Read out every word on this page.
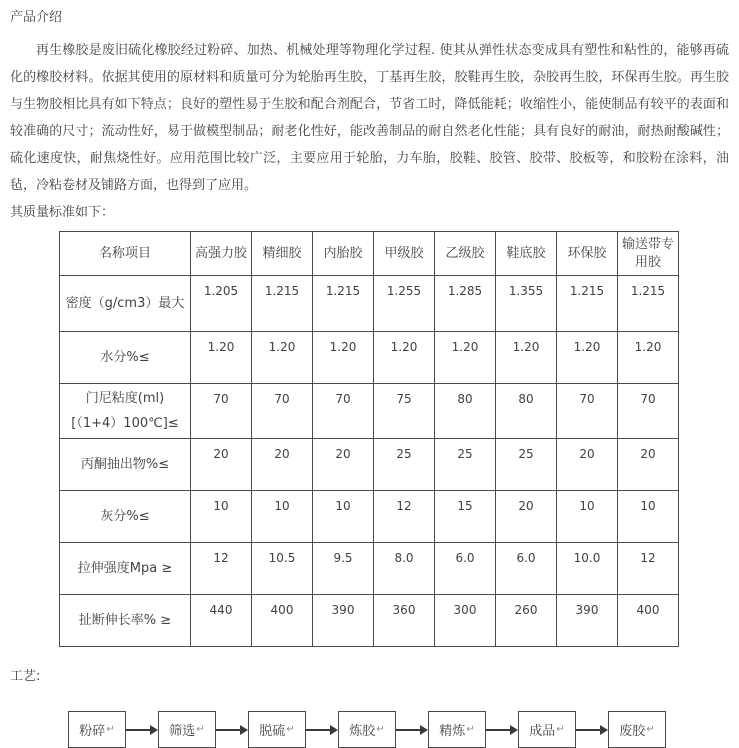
产品介绍

再生橡胶是废旧硫化橡胶经过粉碎、加热、机械处理等物理化学过程. 使其从弹性状态变成具有塑性和粘性的，能够再硫化的橡胶材料。依据其使用的原材料和质量可分为轮胎再生胶，丁基再生胶，胶鞋再生胶，杂胶再生胶，环保再生胶。再生胶与生物胶相比具有如下特点；良好的塑性易于生胶和配合剂配合，节省工时，降低能耗；收缩性小，能使制品有较平的表面和较准确的尺寸；流动性好，易于做模型制品；耐老化性好，能改善制品的耐自然老化性能；具有良好的耐油，耐热耐酸碱性；硫化速度快，耐焦烧性好。应用范围比较广泛，主要应用于轮胎，力车胎，胶鞋、胶管、胶带、胶板等，和胶粉在涂料，油毡，冷粘卷材及铺路方面，也得到了应用。

其质量标准如下：
名称项目	高强力胶	精细胶	内胎胶	甲级胶	乙级胶	鞋底胶	环保胶	输送带专用胶
密度（g/cm3）最大	1.205	1.215	1.215	1.255	1.285	1.355	1.215	1.215
水分%≤	1.20	1.20	1.20	1.20	1.20	1.20	1.20	1.20
门尼粘度(ml)[（1+4）100℃]≤	70	70	70	75	80	80	70	70
丙酮抽出物%≤	20	20	20	25	25	25	20	20
灰分%≤	10	10	10	12	15	20	10	10
拉伸强度Mpa ≥	12	10.5	9.5	8.0	6.0	6.0	10.0	12
扯断伸长率% ≥	440	400	390	360	300	260	390	400
工艺:
粉碎 ↵	筛选 ↵	脱硫 ↵	炼胶 ↵	精炼 ↵	成品 ↵	废胶 ↵
